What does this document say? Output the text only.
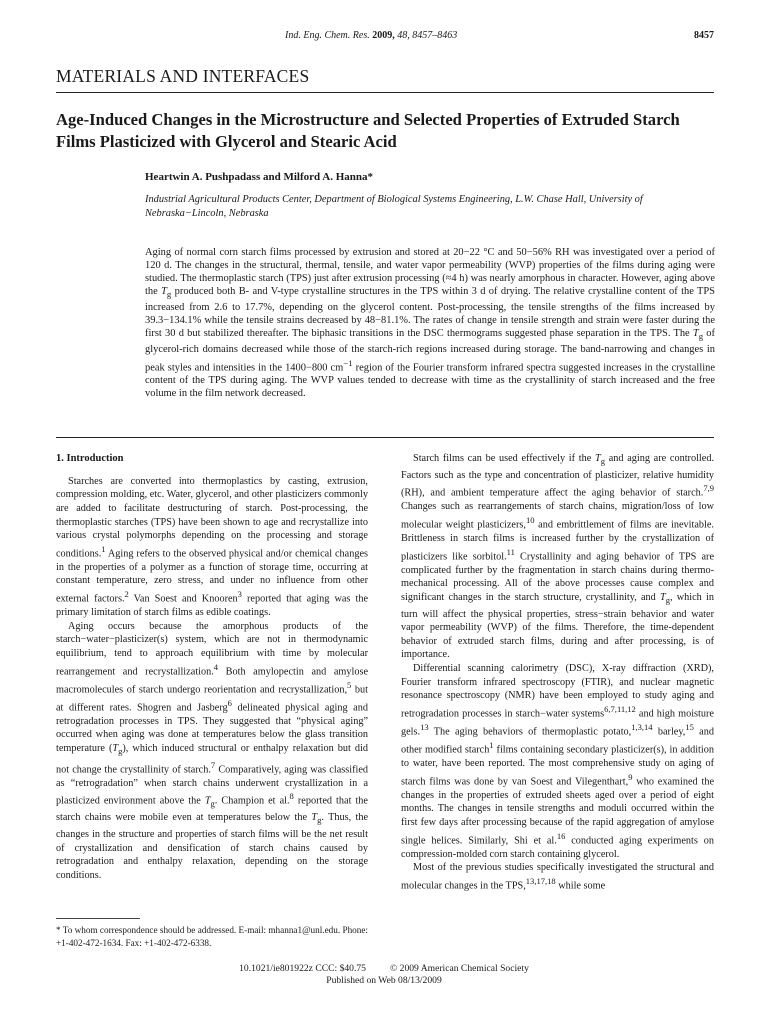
Ind. Eng. Chem. Res. 2009, 48, 8457–8463	8457
MATERIALS AND INTERFACES
Age-Induced Changes in the Microstructure and Selected Properties of Extruded Starch Films Plasticized with Glycerol and Stearic Acid
Heartwin A. Pushpadass and Milford A. Hanna*
Industrial Agricultural Products Center, Department of Biological Systems Engineering, L.W. Chase Hall, University of Nebraska−Lincoln, Nebraska
Aging of normal corn starch films processed by extrusion and stored at 20−22 °C and 50−56% RH was investigated over a period of 120 d. The changes in the structural, thermal, tensile, and water vapor permeability (WVP) properties of the films during aging were studied. The thermoplastic starch (TPS) just after extrusion processing (≈4 h) was nearly amorphous in character. However, aging above the $T_g$ produced both B- and V-type crystalline structures in the TPS within 3 d of drying. The relative crystalline content of the TPS increased from 2.6 to 17.7%, depending on the glycerol content. Post-processing, the tensile strengths of the films increased by 39.3−134.1% while the tensile strains decreased by 48−81.1%. The rates of change in tensile strength and strain were faster during the first 30 d but stabilized thereafter. The biphasic transitions in the DSC thermograms suggested phase separation in the TPS. The $T_g$ of glycerol-rich domains decreased while those of the starch-rich regions increased during storage. The band-narrowing and changes in peak styles and intensities in the 1400−800 $cm^{-1}$ region of the Fourier transform infrared spectra suggested increases in the crystalline content of the TPS during aging. The WVP values tended to decrease with time as the crystallinity of starch increased and the free volume in the film network decreased.
1. Introduction

Starches are converted into thermoplastics by casting, extrusion, compression molding, etc. Water, glycerol, and other plasticizers commonly are added to facilitate destructuring of starch. Post-processing, the thermoplastic starches (TPS) have been shown to age and recrystallize into various crystal polymorphs depending on the processing and storage conditions.$^1$ Aging refers to the observed physical and/or chemical changes in the properties of a polymer as a function of storage time, occurring at constant temperature, zero stress, and under no influence from other external factors.$^2$ Van Soest and Knooren$^3$ reported that aging was the primary limitation of starch films as edible coatings.

Aging occurs because the amorphous products of the starch−water−plasticizer(s) system, which are not in thermodynamic equilibrium, tend to approach equilibrium with time by molecular rearrangement and recrystallization.$^4$ Both amylopectin and amylose macromolecules of starch undergo reorientation and recrystallization,$^5$ but at different rates. Shogren and Jasberg$^6$ delineated physical aging and retrogradation processes in TPS. They suggested that “physical aging” occurred when aging was done at temperatures below the glass transition temperature $(T_g)$, which induced structural or enthalpy relaxation but did not change the crystallinity of starch.$^7$ Comparatively, aging was classified as “retrogradation” when starch chains underwent crystallization in a plasticized environment above the $T_g$. Champion et al.$^8$ reported that the starch chains were mobile even at temperatures below the $T_g$. Thus, the changes in the structure and properties of starch films will be the net result of crystallization and densification of starch chains caused by retrogradation and enthalpy relaxation, depending on the storage conditions.

* To whom correspondence should be addressed. E-mail: mhanna1@unl.edu. Phone: +1-402-472-1634. Fax: +1-402-472-6338.

Starch films can be used effectively if the $T_g$ and aging are controlled. Factors such as the type and concentration of plasticizer, relative humidity (RH), and ambient temperature affect the aging behavior of starch.$^{7,9}$ Changes such as rearrangements of starch chains, migration/loss of low molecular weight plasticizers,$^{10}$ and embrittlement of films are inevitable. Brittleness in starch films is increased further by the crystallization of plasticizers like sorbitol.$^{11}$ Crystallinity and aging behavior of TPS are complicated further by the fragmentation in starch chains during thermo-mechanical processing. All of the above processes cause complex and significant changes in the starch structure, crystallinity, and $T_g$, which in turn will affect the physical properties, stress−strain behavior and water vapor permeability (WVP) of the films. Therefore, the time-dependent behavior of extruded starch films, during and after processing, is of importance.

Differential scanning calorimetry (DSC), X-ray diffraction (XRD), Fourier transform infrared spectroscopy (FTIR), and nuclear magnetic resonance spectroscopy (NMR) have been employed to study aging and retrogradation processes in starch−water systems$^{6,7,11,12}$ and high moisture gels.$^{13}$ The aging behaviors of thermoplastic potato,$^{1,3,14}$ barley,$^{15}$ and other modified starch$^1$ films containing secondary plasticizer(s), in addition to water, have been reported. The most comprehensive study on aging of starch films was done by van Soest and Vilegenthart,$^9$ who examined the changes in the properties of extruded sheets aged over a period of eight months. The changes in tensile strengths and moduli occurred within the first few days after processing because of the rapid aggregation of amylose single helices. Similarly, Shi et al.$^{16}$ conducted aging experiments on compression-molded corn starch containing glycerol.

Most of the previous studies specifically investigated the structural and molecular changes in the TPS,$^{13,17,18}$ while some

10.1021/ie801922z CCC: $40.75	© 2009 American Chemical Society
Published on Web 08/13/2009
